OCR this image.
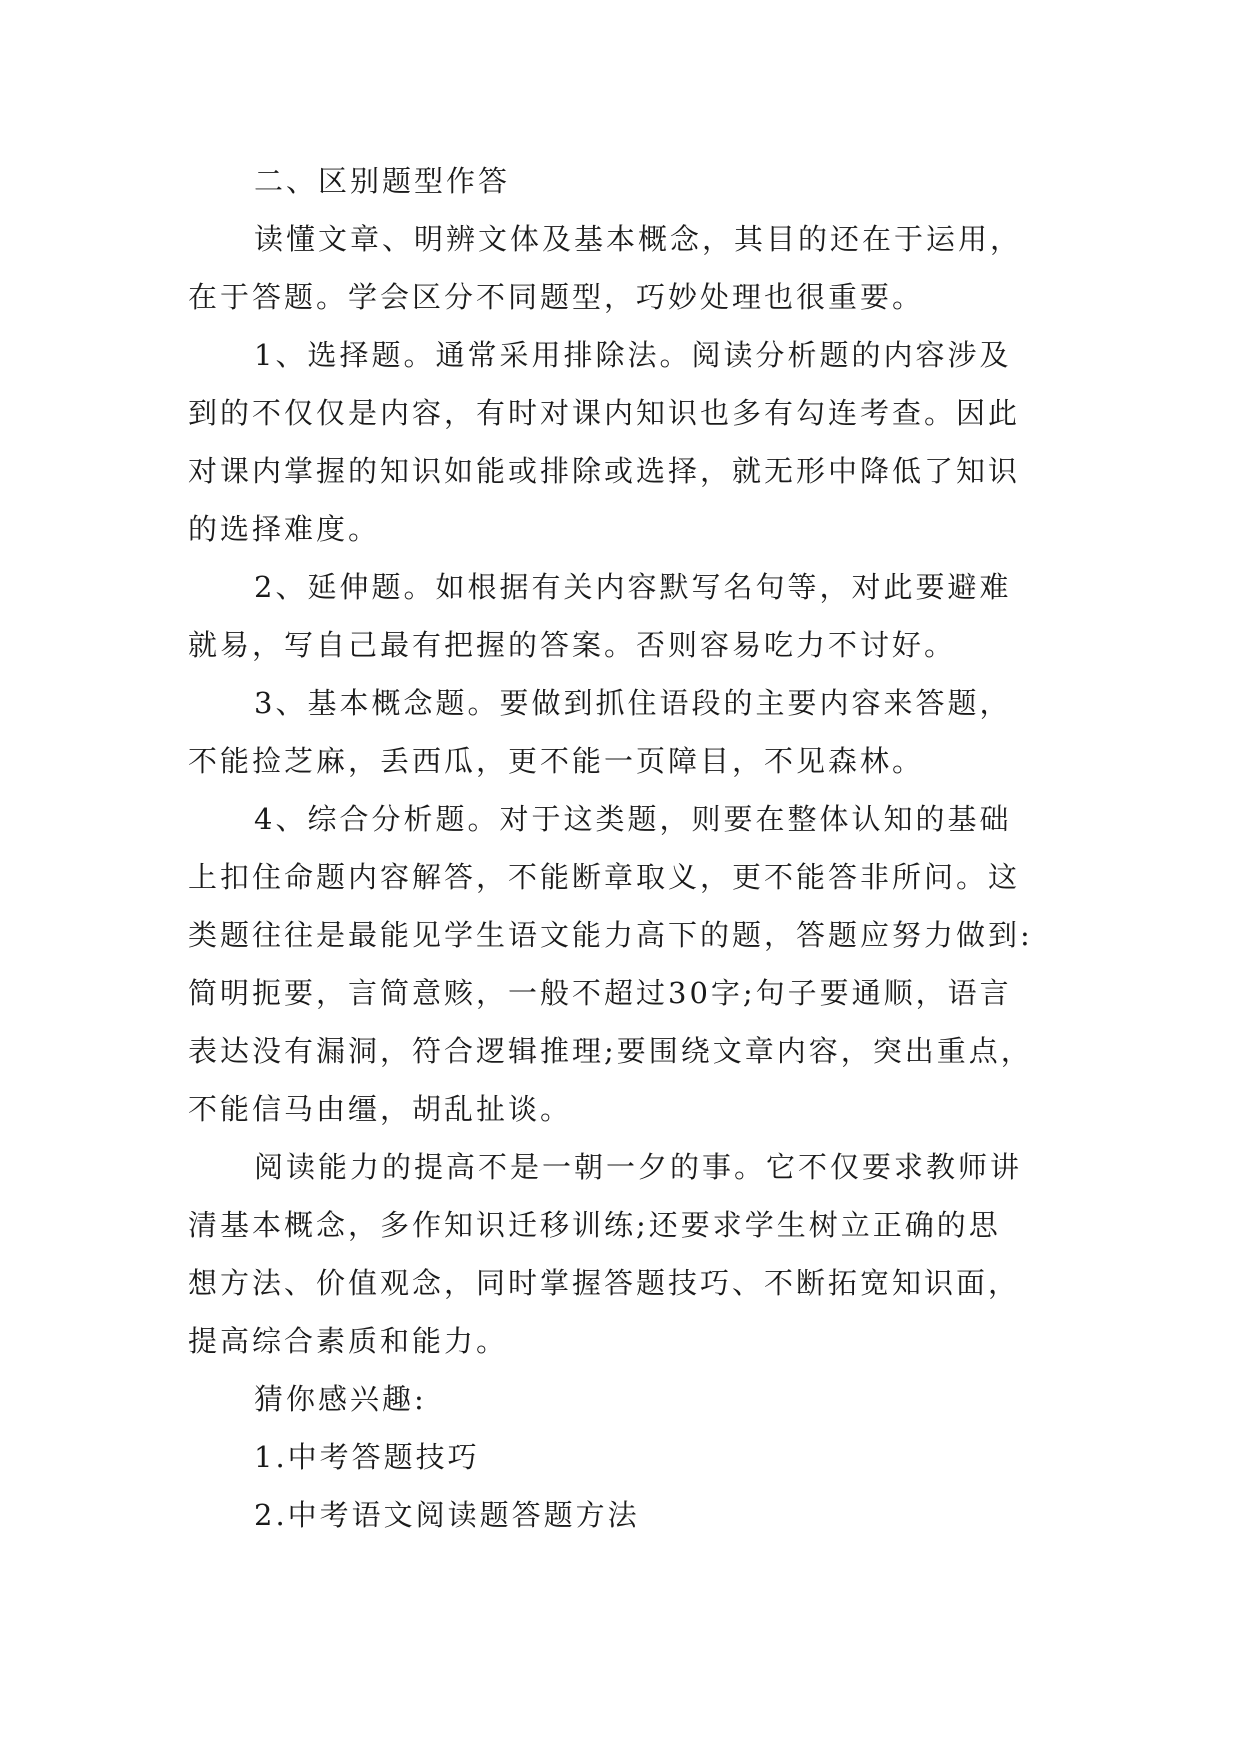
二、区别题型作答
读懂文章、明辨文体及基本概念，其目的还在于运用，
在于答题。学会区分不同题型，巧妙处理也很重要。
1、选择题。通常采用排除法。阅读分析题的内容涉及
到的不仅仅是内容，有时对课内知识也多有勾连考查。因此
对课内掌握的知识如能或排除或选择，就无形中降低了知识
的选择难度。
2、延伸题。如根据有关内容默写名句等，对此要避难
就易，写自己最有把握的答案。否则容易吃力不讨好。
3、基本概念题。要做到抓住语段的主要内容来答题，
不能捡芝麻，丢西瓜，更不能一页障目，不见森林。
4、综合分析题。对于这类题，则要在整体认知的基础
上扣住命题内容解答，不能断章取义，更不能答非所问。这
类题往往是最能见学生语文能力高下的题，答题应努力做到:
简明扼要，言简意赅，一般不超过30字;句子要通顺，语言
表达没有漏洞，符合逻辑推理;要围绕文章内容，突出重点，
不能信马由缰，胡乱扯谈。
阅读能力的提高不是一朝一夕的事。它不仅要求教师讲
清基本概念，多作知识迁移训练;还要求学生树立正确的思
想方法、价值观念，同时掌握答题技巧、不断拓宽知识面，
提高综合素质和能力。
猜你感兴趣:
1.中考答题技巧
2.中考语文阅读题答题方法
